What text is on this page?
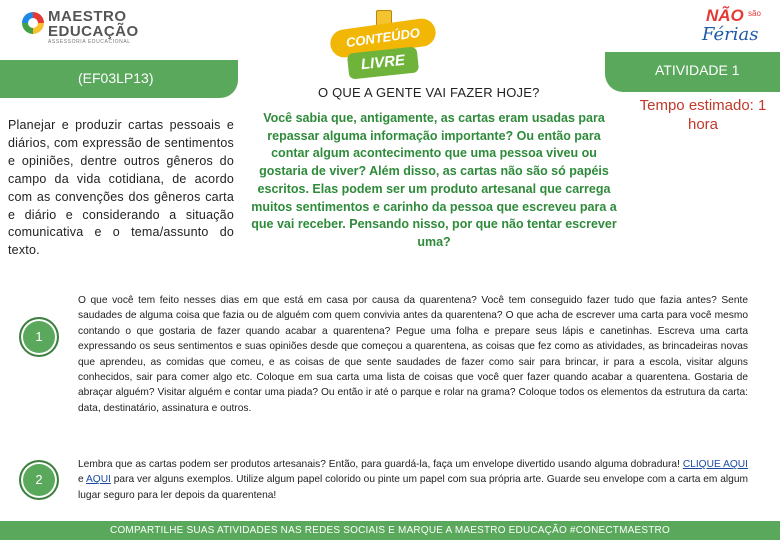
MAESTRO
EDUCAÇÃO
ASSESSORIA EDUCACIONAL	CONTEÚDO
LIVRE
NÃO são
Férias
(EF03LP13)	ATIVIDADE 1
O QUE A GENTE VAI FAZER HOJE?
Tempo estimado: 1 hora
Planejar e produzir cartas pessoais e diários, com expressão de sentimentos e opiniões, dentre outros gêneros do campo da vida cotidiana, de acordo com as convenções dos gêneros carta e diário e considerando a situação comunicativa e o tema/assunto do texto.
Você sabia que, antigamente, as cartas eram usadas para repassar alguma informação importante? Ou então para contar algum acontecimento que uma pessoa viveu ou gostaria de viver? Além disso, as cartas não são só papéis escritos. Elas podem ser um produto artesanal que carrega muitos sentimentos e carinho da pessoa que escreveu para a que vai receber. Pensando nisso, por que não tentar escrever uma?
1
O que você tem feito nesses dias em que está em casa por causa da quarentena? Você tem conseguido fazer tudo que fazia antes? Sente saudades de alguma coisa que fazia ou de alguém com quem convivia antes da quarentena? O que acha de escrever uma carta para você mesmo contando o que gostaria de fazer quando acabar a quarentena? Pegue uma folha e prepare seus lápis e canetinhas. Escreva uma carta expressando os seus sentimentos e suas opiniões desde que começou a quarentena, as coisas que fez como as atividades, as brincadeiras novas que aprendeu, as comidas que comeu, e as coisas de que sente saudades de fazer como sair para brincar, ir para a escola, visitar alguns conhecidos, sair para comer algo etc. Coloque em sua carta uma lista de coisas que você quer fazer quando acabar a quarentena. Gostaria de abraçar alguém? Visitar alguém e contar uma piada? Ou então ir até o parque e rolar na grama? Coloque todos os elementos da estrutura da carta: data, destinatário, assinatura e outros.
2
Lembra que as cartas podem ser produtos artesanais? Então, para guardá-la, faça um envelope divertido usando alguma dobradura! CLIQUE AQUI e AQUI para ver alguns exemplos. Utilize algum papel colorido ou pinte um papel com sua própria arte. Guarde seu envelope com a carta em algum lugar seguro para ler depois da quarentena!
COMPARTILHE SUAS ATIVIDADES NAS REDES SOCIAIS E MARQUE A MAESTRO EDUCAÇÃO #CONECTMAESTRO
